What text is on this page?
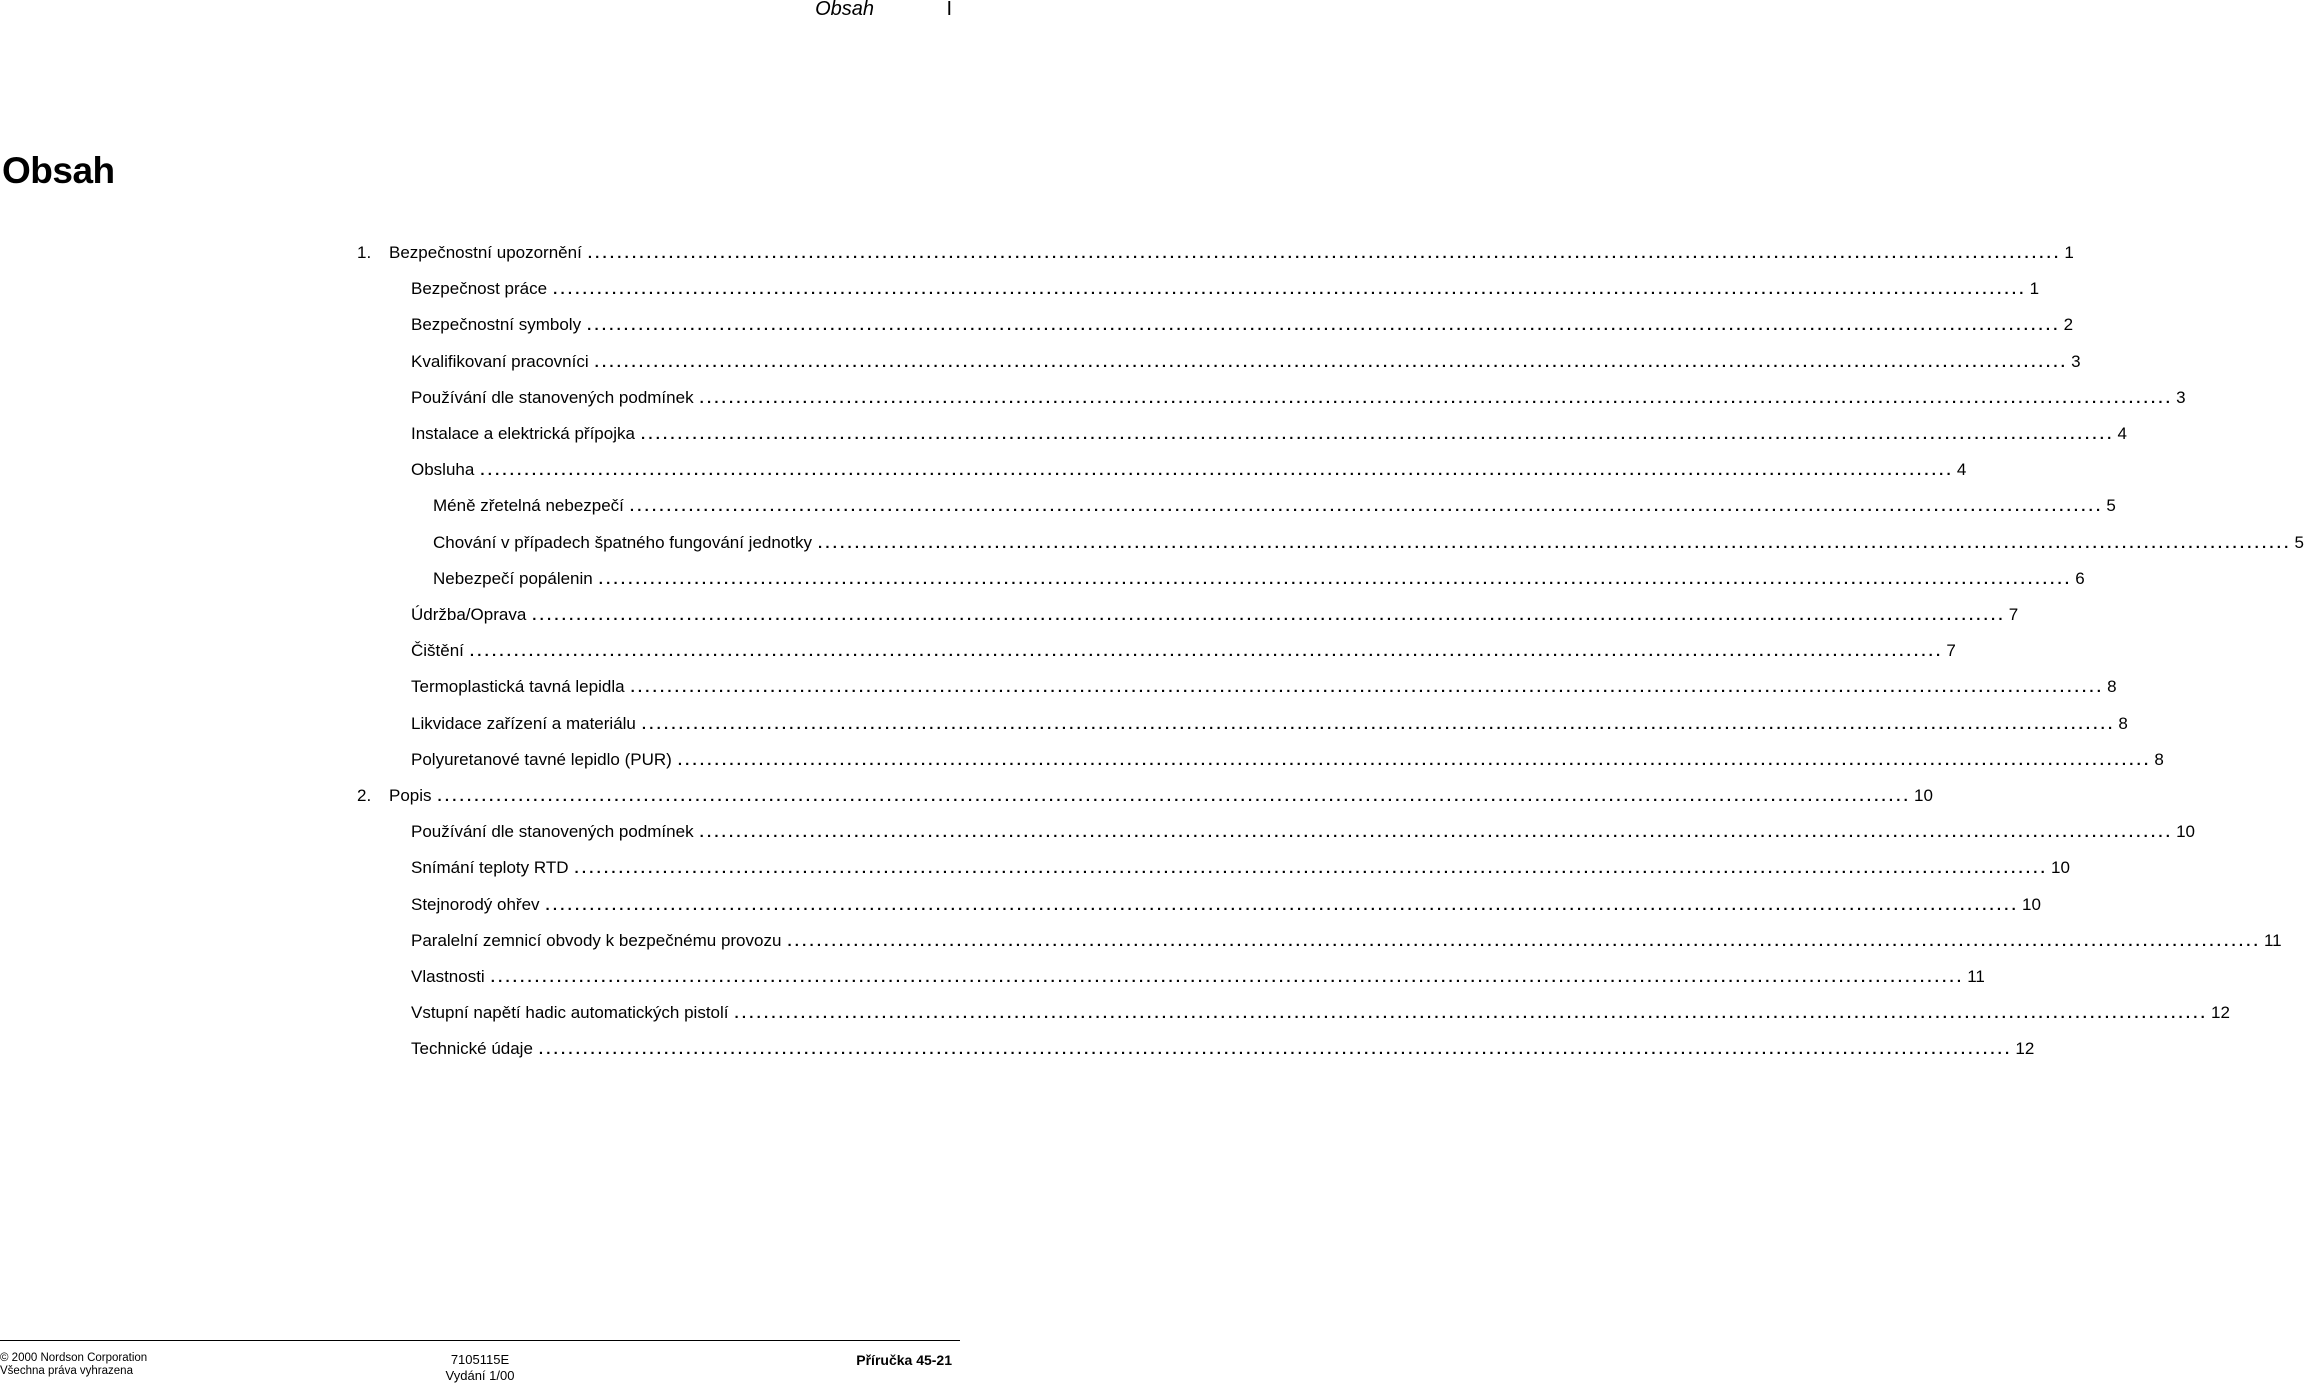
Obsah	I
Obsah
1. Bezpečnostní upozornění ........................................................................................................................................................................................................ 1
Bezpečnost práce ........................................................................................................................................................................................................ 1
Bezpečnostní symboly ........................................................................................................................................................................................................ 2
Kvalifikovaní pracovníci ........................................................................................................................................................................................................ 3
Používání dle stanovených podmínek ........................................................................................................................................................................................................ 3
Instalace a elektrická přípojka ........................................................................................................................................................................................................ 4
Obsluha ........................................................................................................................................................................................................ 4
Méně zřetelná nebezpečí ........................................................................................................................................................................................................ 5
Chování v případech špatného fungování jednotky ........................................................................................................................................................................................................ 5
Nebezpečí popálenin ........................................................................................................................................................................................................ 6
Údržba/Oprava ........................................................................................................................................................................................................ 7
Čištění ........................................................................................................................................................................................................ 7
Termoplastická tavná lepidla ........................................................................................................................................................................................................ 8
Likvidace zařízení a materiálu ........................................................................................................................................................................................................ 8
Polyuretanové tavné lepidlo (PUR) ........................................................................................................................................................................................................ 8
2. Popis ........................................................................................................................................................................................................ 10
Používání dle stanovených podmínek ........................................................................................................................................................................................................ 10
Snímání teploty RTD ........................................................................................................................................................................................................ 10
Stejnorodý ohřev ........................................................................................................................................................................................................ 10
Paralelní zemnicí obvody k bezpečnému provozu ........................................................................................................................................................................................................ 11
Vlastnosti ........................................................................................................................................................................................................ 11
Vstupní napětí hadic automatických pistolí ........................................................................................................................................................................................................ 12
Technické údaje ........................................................................................................................................................................................................ 12
© 2000 Nordson Corporation
Všechna práva vyhrazena
7105115E
Vydání 1/00
Příručka 45-21
